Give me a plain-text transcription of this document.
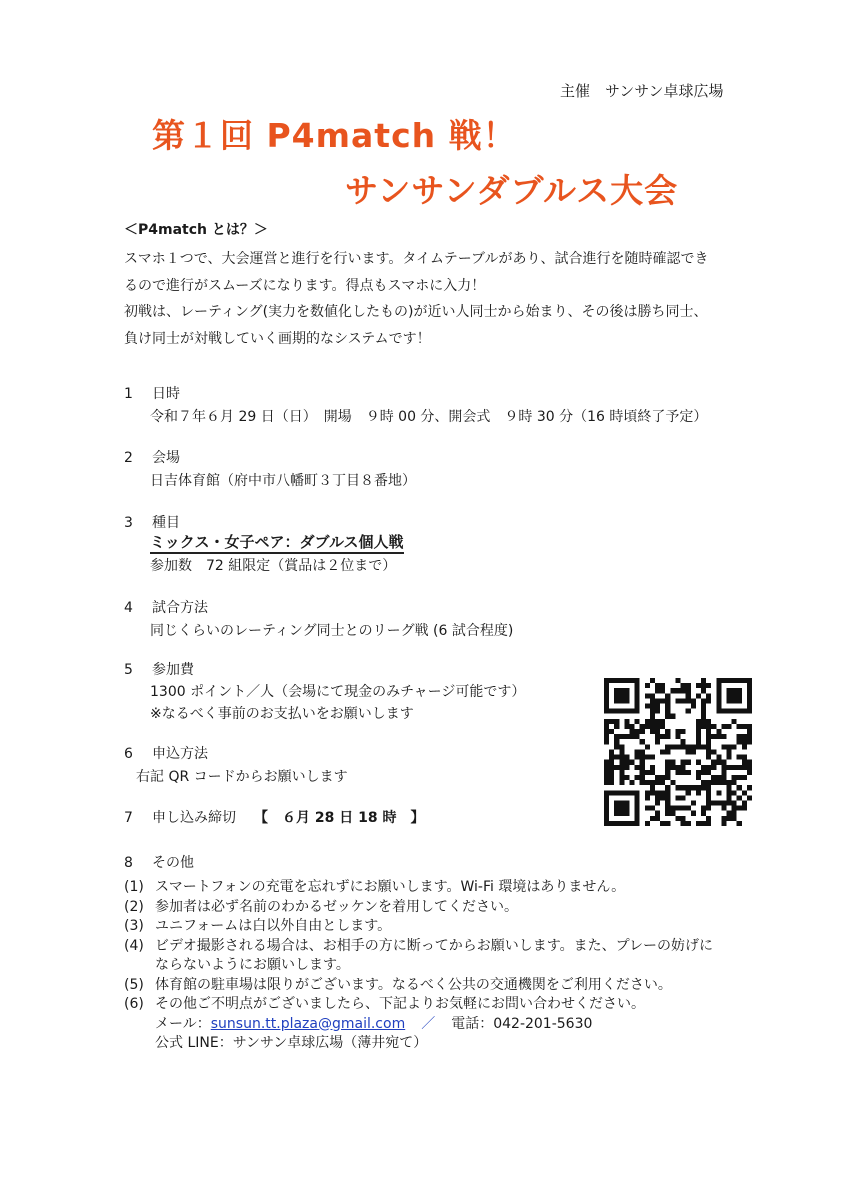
主催　サンサン卓球広場
第１回 P4match 戦！
サンサンダブルス大会
＜P4match とは？＞
スマホ１つで、大会運営と進行を行います。タイムテーブルがあり、試合進行を随時確認でき
るので進行がスムーズになります。得点もスマホに入力！
初戦は、レーティング(実力を数値化したもの)が近い人同士から始まり、その後は勝ち同士、
負け同士が対戦していく画期的なシステムです！
1 日時
令和７年６月 29 日（日）　開場　９時 00 分、開会式　９時 30 分（16 時頃終了予定）
2 会場
日吉体育館（府中市八幡町３丁目８番地）
3 種目
ミックス・女子ペア：ダブルス個人戦
参加数　72 組限定（賞品は２位まで）
4 試合方法
同じくらいのレーティング同士とのリーグ戦 (6 試合程度)
5 参加費
1300 ポイント／人（会場にて現金のみチャージ可能です）
※なるべく事前のお支払いをお願いします
6 申込方法
右記 QR コードからお願いします
7 申し込み締切 【　６月 28 日 18 時　】
8 その他
(1) スマートフォンの充電を忘れずにお願いします。Wi-Fi 環境はありません。
(2) 参加者は必ず名前のわかるゼッケンを着用してください。
(3) ユニフォームは白以外自由とします。
(4) ビデオ撮影される場合は、お相手の方に断ってからお願いします。また、プレーの妨げに
ならないようにお願いします。
(5) 体育館の駐車場は限りがございます。なるべく公共の交通機関をご利用ください。
(6) その他ご不明点がございましたら、下記よりお気軽にお問い合わせください。
メール： sunsun.tt.plaza@gmail.com ／ 電話：042-201-5630
公式 LINE：サンサン卓球広場（薄井宛て）
